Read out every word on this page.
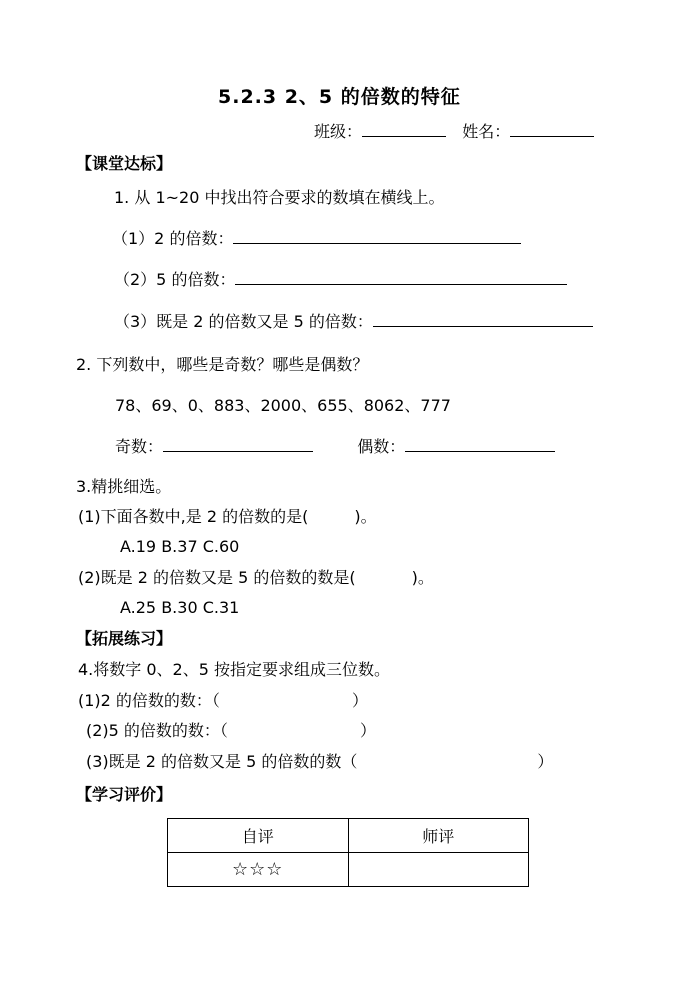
5.2.3 2、5 的倍数的特征
班级：	姓名：
【课堂达标】
1. 从 1~20 中找出符合要求的数填在横线上。
（1）2 的倍数：
（2）5 的倍数：
（3）既是 2 的倍数又是 5 的倍数：
2. 下列数中，哪些是奇数？哪些是偶数？
78、69、0、883、2000、655、8062、777
奇数：	偶数：
3.精挑细选。
(1)下面各数中,是 2 的倍数的是(	)。
A.19 B.37 C.60
(2)既是 2 的倍数又是 5 的倍数的数是(	)。
A.25 B.30 C.31
【拓展练习】
4.将数字 0、2、5 按指定要求组成三位数。
(1)2 的倍数的数：（	）
(2)5 的倍数的数：（	）
(3)既是 2 的倍数又是 5 的倍数的数（	）
【学习评价】
自评	师评
☆☆☆	
